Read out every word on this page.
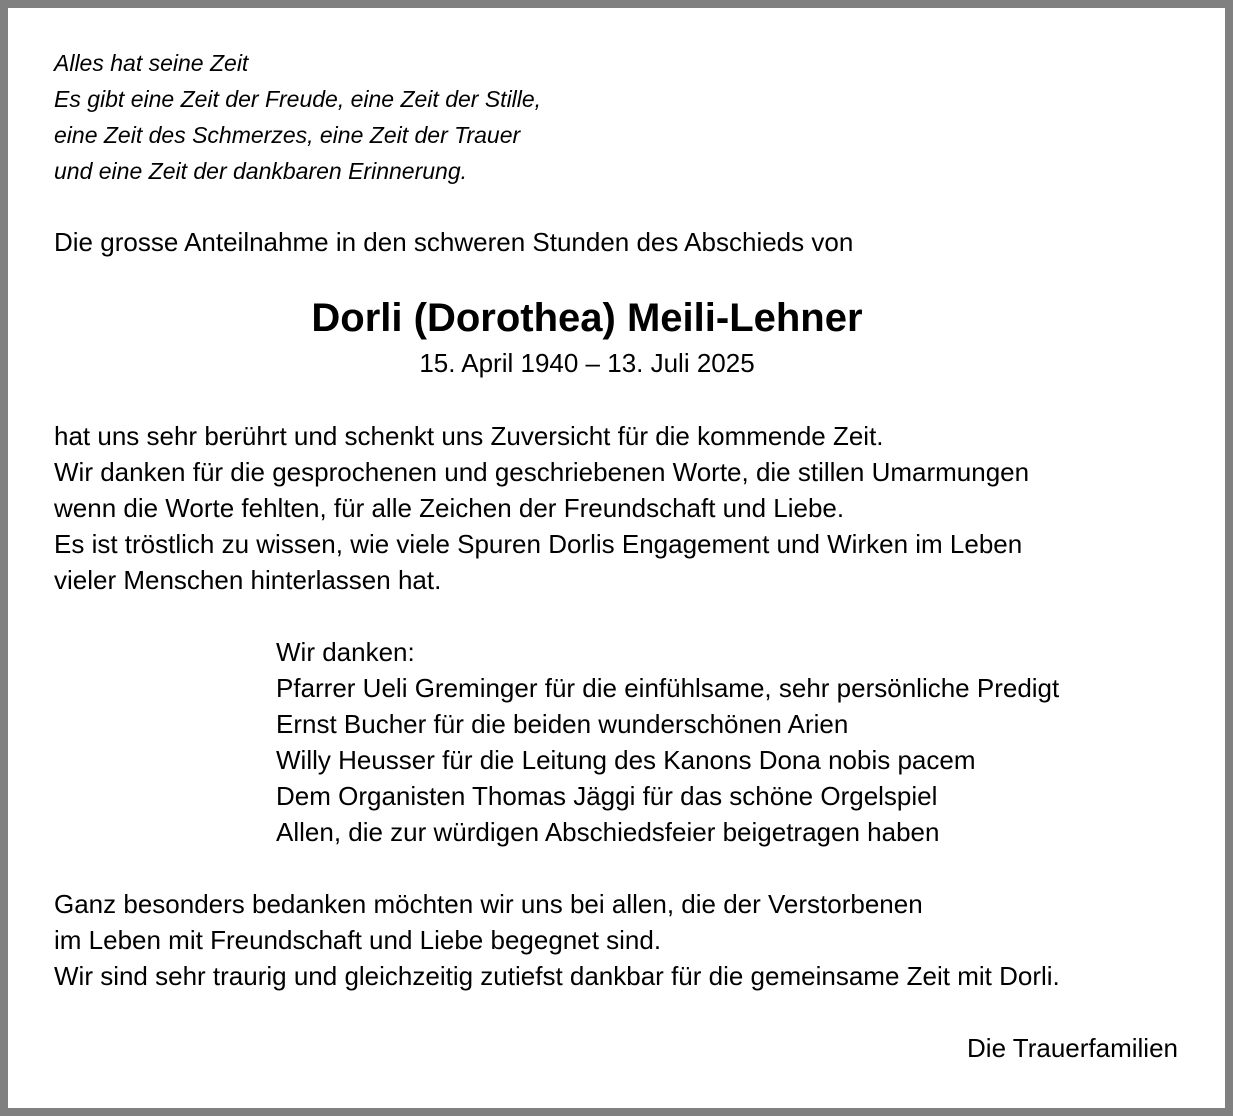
Alles hat seine Zeit

Es gibt eine Zeit der Freude, eine Zeit der Stille,

eine Zeit des Schmerzes, eine Zeit der Trauer

und eine Zeit der dankbaren Erinnerung.

Die grosse Anteilnahme in den schweren Stunden des Abschieds von

Dorli (Dorothea) Meili-Lehner

15. April 1940 – 13. Juli 2025

hat uns sehr berührt und schenkt uns Zuversicht für die kommende Zeit.

Wir danken für die gesprochenen und geschriebenen Worte, die stillen Umarmungen

wenn die Worte fehlten, für alle Zeichen der Freundschaft und Liebe.

Es ist tröstlich zu wissen, wie viele Spuren Dorlis Engagement und Wirken im Leben

vieler Menschen hinterlassen hat.

Wir danken:

Pfarrer Ueli Greminger für die einfühlsame, sehr persönliche Predigt

Ernst Bucher für die beiden wunderschönen Arien

Willy Heusser für die Leitung des Kanons Dona nobis pacem

Dem Organisten Thomas Jäggi für das schöne Orgelspiel

Allen, die zur würdigen Abschiedsfeier beigetragen haben

Ganz besonders bedanken möchten wir uns bei allen, die der Verstorbenen

im Leben mit Freundschaft und Liebe begegnet sind.

Wir sind sehr traurig und gleichzeitig zutiefst dankbar für die gemeinsame Zeit mit Dorli.

Die Trauerfamilien
